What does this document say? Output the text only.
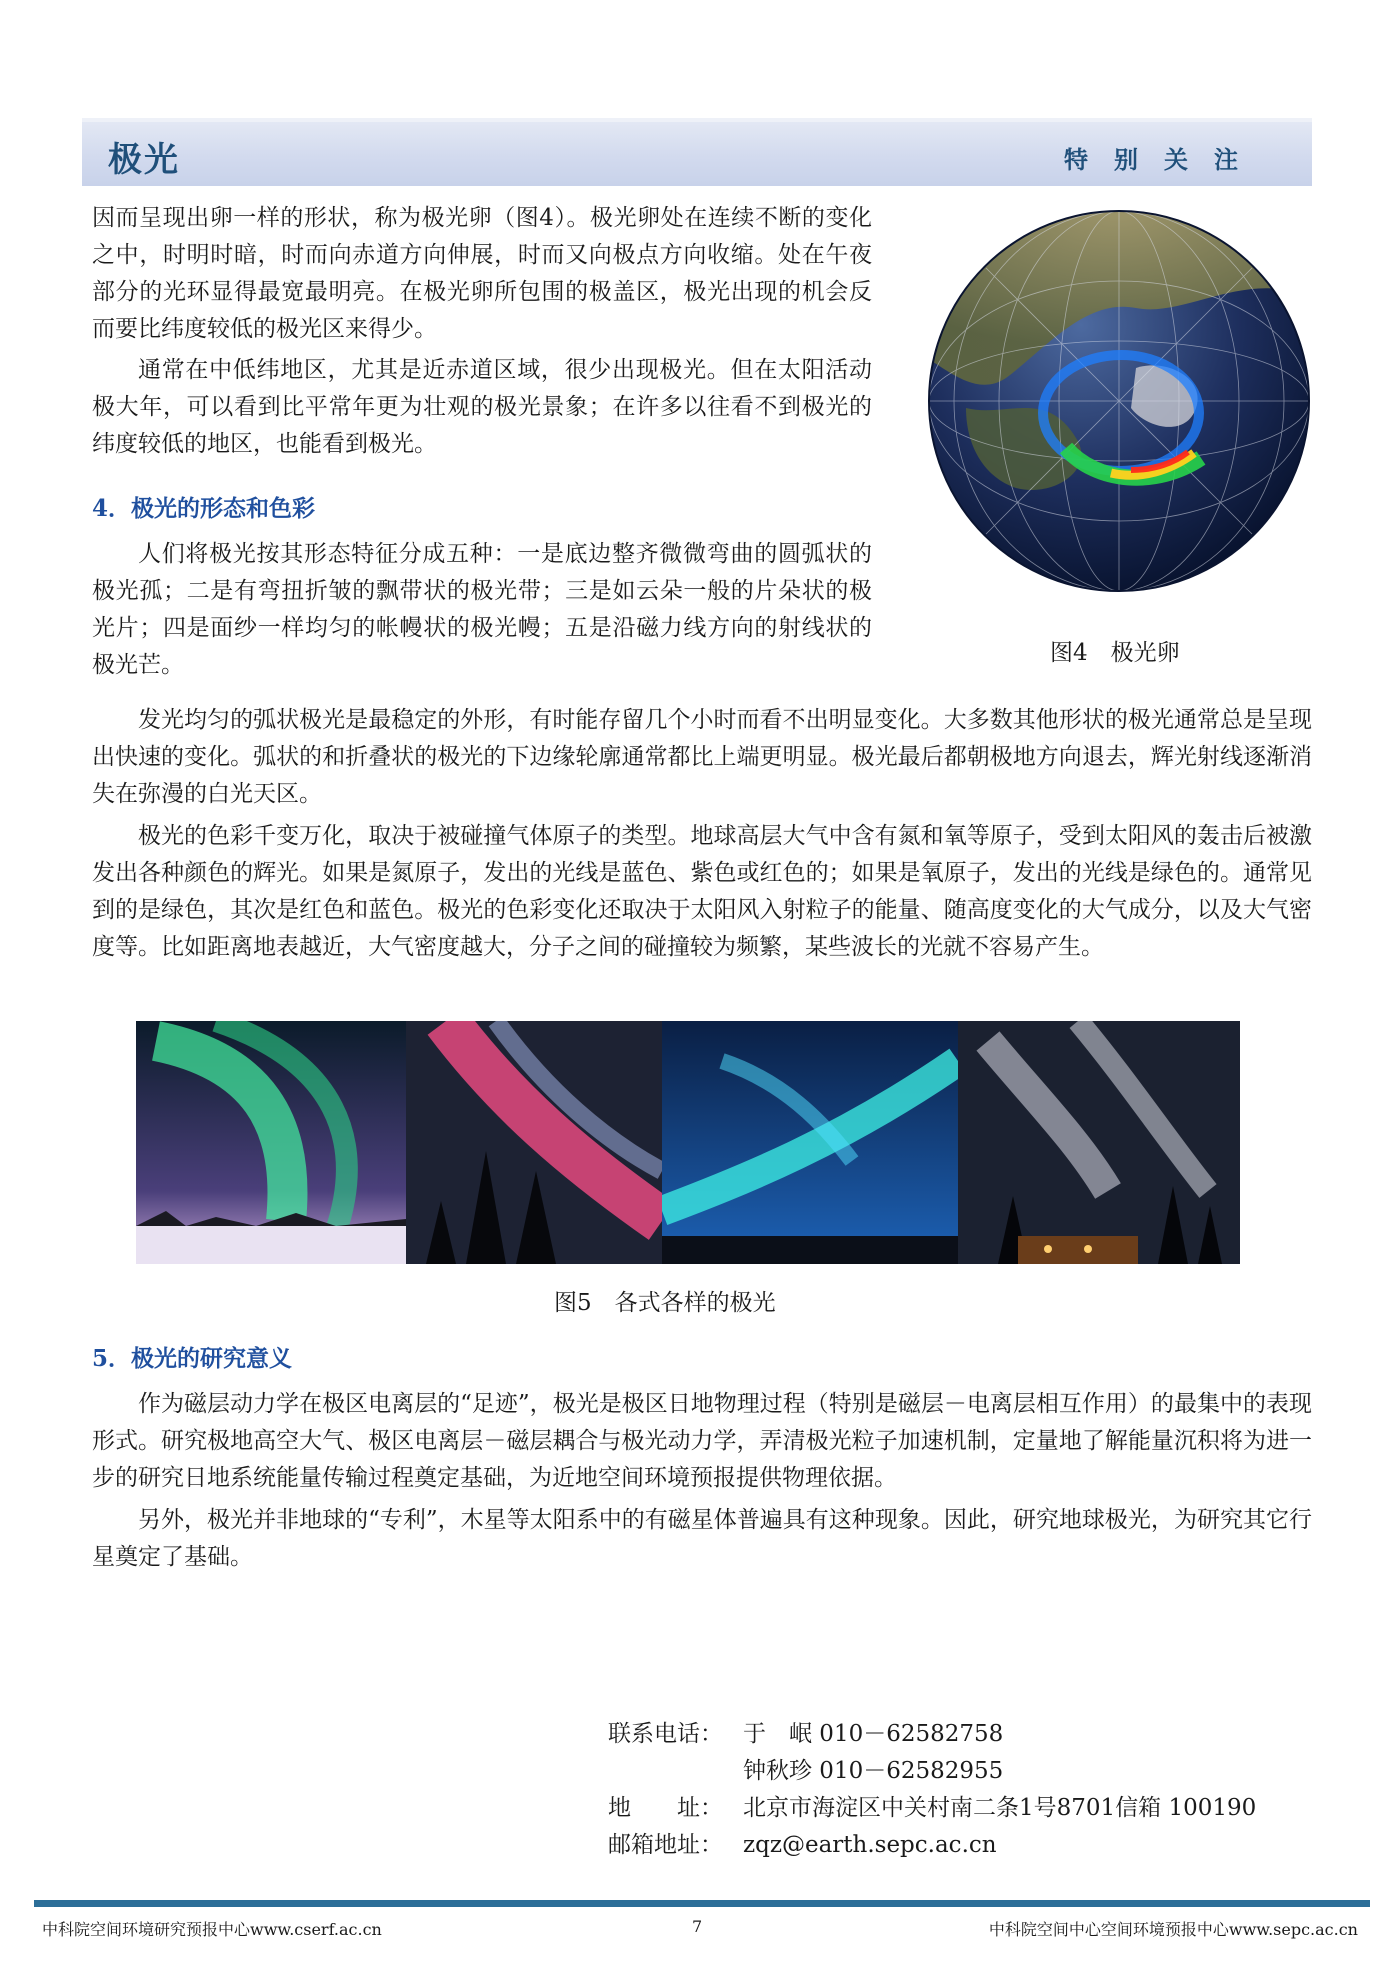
极光	特别关注

因而呈现出卵一样的形状，称为极光卵（图4）。极光卵处在连续不断的变化之中，时明时暗，时而向赤道方向伸展，时而又向极点方向收缩。处在午夜部分的光环显得最宽最明亮。在极光卵所包围的极盖区，极光出现的机会反而要比纬度较低的极光区来得少。

通常在中低纬地区，尤其是近赤道区域，很少出现极光。但在太阳活动极大年，可以看到比平常年更为壮观的极光景象；在许多以往看不到极光的纬度较低的地区，也能看到极光。

4．极光的形态和色彩

人们将极光按其形态特征分成五种：一是底边整齐微微弯曲的圆弧状的极光孤；二是有弯扭折皱的飘带状的极光带；三是如云朵一般的片朵状的极光片；四是面纱一样均匀的帐幔状的极光幔；五是沿磁力线方向的射线状的极光芒。	图4　极光卵

发光均匀的弧状极光是最稳定的外形，有时能存留几个小时而看不出明显变化。大多数其他形状的极光通常总是呈现出快速的变化。弧状的和折叠状的极光的下边缘轮廓通常都比上端更明显。极光最后都朝极地方向退去，辉光射线逐渐消失在弥漫的白光天区。

极光的色彩千变万化，取决于被碰撞气体原子的类型。地球高层大气中含有氮和氧等原子，受到太阳风的轰击后被激发出各种颜色的辉光。如果是氮原子，发出的光线是蓝色、紫色或红色的；如果是氧原子，发出的光线是绿色的。通常见到的是绿色，其次是红色和蓝色。极光的色彩变化还取决于太阳风入射粒子的能量、随高度变化的大气成分，以及大气密度等。比如距离地表越近，大气密度越大，分子之间的碰撞较为频繁，某些波长的光就不容易产生。

图5　各式各样的极光

5．极光的研究意义

作为磁层动力学在极区电离层的“足迹”，极光是极区日地物理过程（特别是磁层－电离层相互作用）的最集中的表现形式。研究极地高空大气、极区电离层－磁层耦合与极光动力学，弄清极光粒子加速机制，定量地了解能量沉积将为进一步的研究日地系统能量传输过程奠定基础，为近地空间环境预报提供物理依据。

另外，极光并非地球的“专利”，木星等太阳系中的有磁星体普遍具有这种现象。因此，研究地球极光，为研究其它行星奠定了基础。

联系电话： 于　岷 010－62582758
钟秋珍 010－62582955
地　　址： 北京市海淀区中关村南二条1号8701信箱 100190
邮箱地址： zqz@earth.sepc.ac.cn
中科院空间环境研究预报中心www.cserf.ac.cn	7	中科院空间中心空间环境预报中心www.sepc.ac.cn
